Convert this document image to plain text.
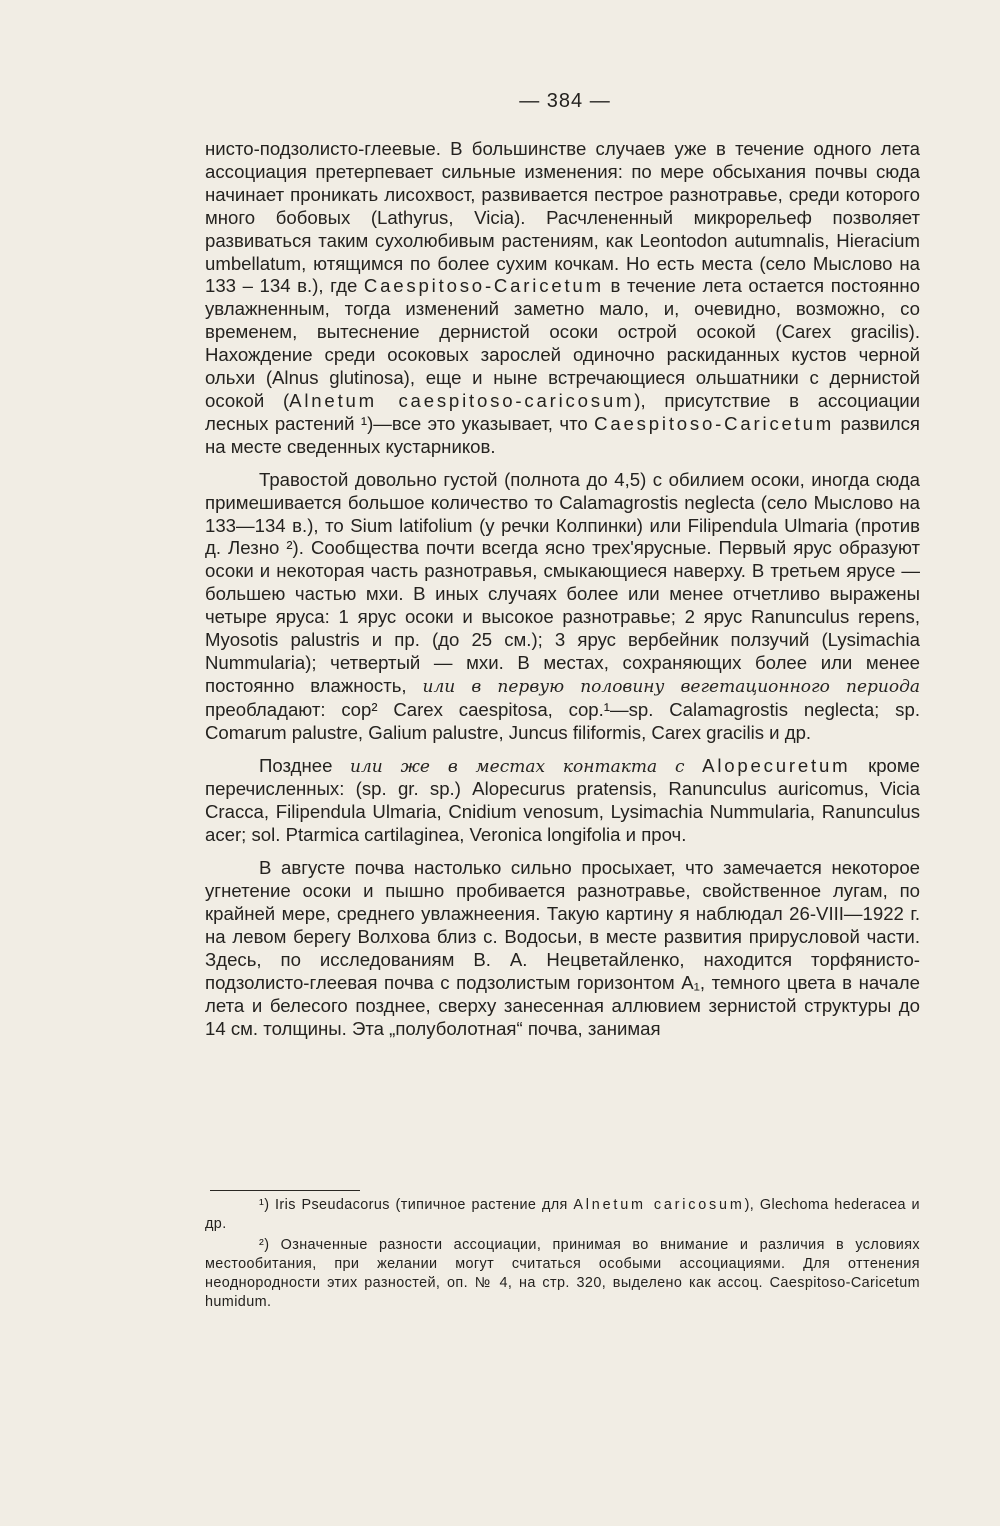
— 384 —

нисто-подзолисто-глеевые. В большинстве случаев уже в течение одного лета ассоциация претерпевает сильные изменения: по мере обсыхания почвы сюда начинает проникать лисохвост, развивается пестрое разнотравье, среди которого много бобовых (Lathyrus, Vicia). Расчлененный микрорельеф позволяет развиваться таким сухолюбивым растениям, как Leontodon autumnalis, Hieracium umbellatum, ютящимся по более сухим кочкам. Но есть места (село Мыслово на 133 – 134 в.), где Caespitoso-Caricetum в течение лета остается постоянно увлажненным, тогда изменений заметно мало, и, очевидно, возможно, со временем, вытеснение дернистой осоки острой осокой (Carex gracilis). Нахождение среди осоковых зарослей одиночно раскиданных кустов черной ольхи (Alnus glutinosa), еще и ныне встречающиеся ольшатники с дернистой осокой (Alnetum caespitoso-caricosum), присутствие в ассоциации лесных растений ¹)—все это указывает, что Caespitoso-Caricetum развился на месте сведенных кустарников.

Травостой довольно густой (полнота до 4,5) с обилием осоки, иногда сюда примешивается большое количество то Calamagrostis neglecta (село Мыслово на 133—134 в.), то Sium latifolium (у речки Колпинки) или Filipendula Ulmaria (против д. Лезно ²). Сообщества почти всегда ясно трех'ярусные. Первый ярус образуют осоки и некоторая часть разнотравья, смыкающиеся наверху. В третьем ярусе — большею частью мхи. В иных случаях более или менее отчетливо выражены четыре яруса: 1 ярус осоки и высокое разнотравье; 2 ярус Ranunculus repens, Myosotis palustris и пр. (до 25 см.); 3 ярус вербейник ползучий (Lysimachia Nummularia); четвертый — мхи. В местах, сохраняющих более или менее постоянно влажность, или в первую половину вегетационного периода преобладают: cop² Carex caespitosa, cop.¹—sp. Calamagrostis neglecta; sp. Comarum palustre, Galium palustre, Juncus filiformis, Carex gracilis и др.

Позднее или же в местах контакта с Alopecuretum кроме перечисленных: (sp. gr. sp.) Alopecurus pratensis, Ranunculus auricomus, Vicia Cracca, Filipendula Ulmaria, Cnidium venosum, Lysimachia Nummularia, Ranunculus acer; sol. Ptarmica cartilaginea, Veronica longifolia и проч.

В августе почва настолько сильно просыхает, что замечается некоторое угнетение осоки и пышно пробивается разнотравье, свойственное лугам, по крайней мере, среднего увлажнеения. Такую картину я наблюдал 26-VIII—1922 г. на левом берегу Волхова близ с. Водосьи, в месте развития прирусловой части. Здесь, по исследованиям В. А. Нецветайленко, находится торфянисто-подзолисто-глеевая почва с подзолистым горизонтом A₁, темного цвета в начале лета и белесого позднее, сверху занесенная аллювием зернистой структуры до 14 см. толщины. Эта „полуболотная“ почва, занимая

¹) Iris Pseudacorus (типичное растение для Alnetum caricosum), Glechoma hederacea и др.

²) Означенные разности ассоциации, принимая во внимание и различия в условиях местообитания, при желании могут считаться особыми ассоциациями. Для оттенения неоднородности этих разностей, оп. № 4, на стр. 320, выделено как ассоц. Caespitoso-Caricetum humidum.
